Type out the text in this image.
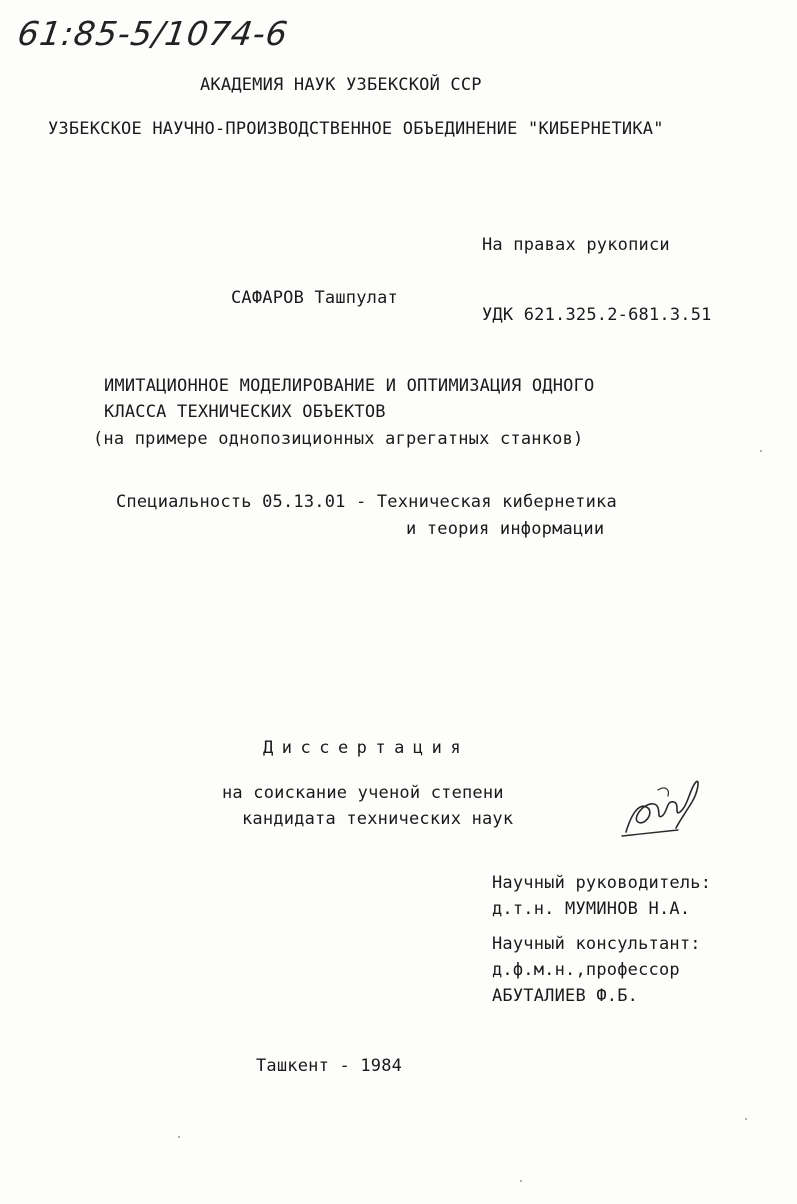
61:85-5/1074-6
АКАДЕМИЯ НАУК УЗБЕКСКОЙ ССР
УЗБЕКСКОЕ НАУЧНО-ПРОИЗВОДСТВЕННОЕ ОБЪЕДИНЕНИЕ "КИБЕРНЕТИКА"
На правах рукописи
САФАРОВ Ташпулат
УДК 621.325.2-681.3.51
ИМИТАЦИОННОЕ МОДЕЛИРОВАНИЕ И ОПТИМИЗАЦИЯ ОДНОГО
КЛАССА ТЕХНИЧЕСКИХ ОБЪЕКТОВ
(на примере однопозиционных агрегатных станков)
Специальность 05.13.01 - Техническая кибернетика
и теория информации
Диссертация
на соискание ученой степени
кандидата технических наук
Научный руководитель:
д.т.н. МУМИНОВ Н.А.
Научный консультант:
д.ф.м.н.,профессор
АБУТАЛИЕВ Ф.Б.
Ташкент - 1984
